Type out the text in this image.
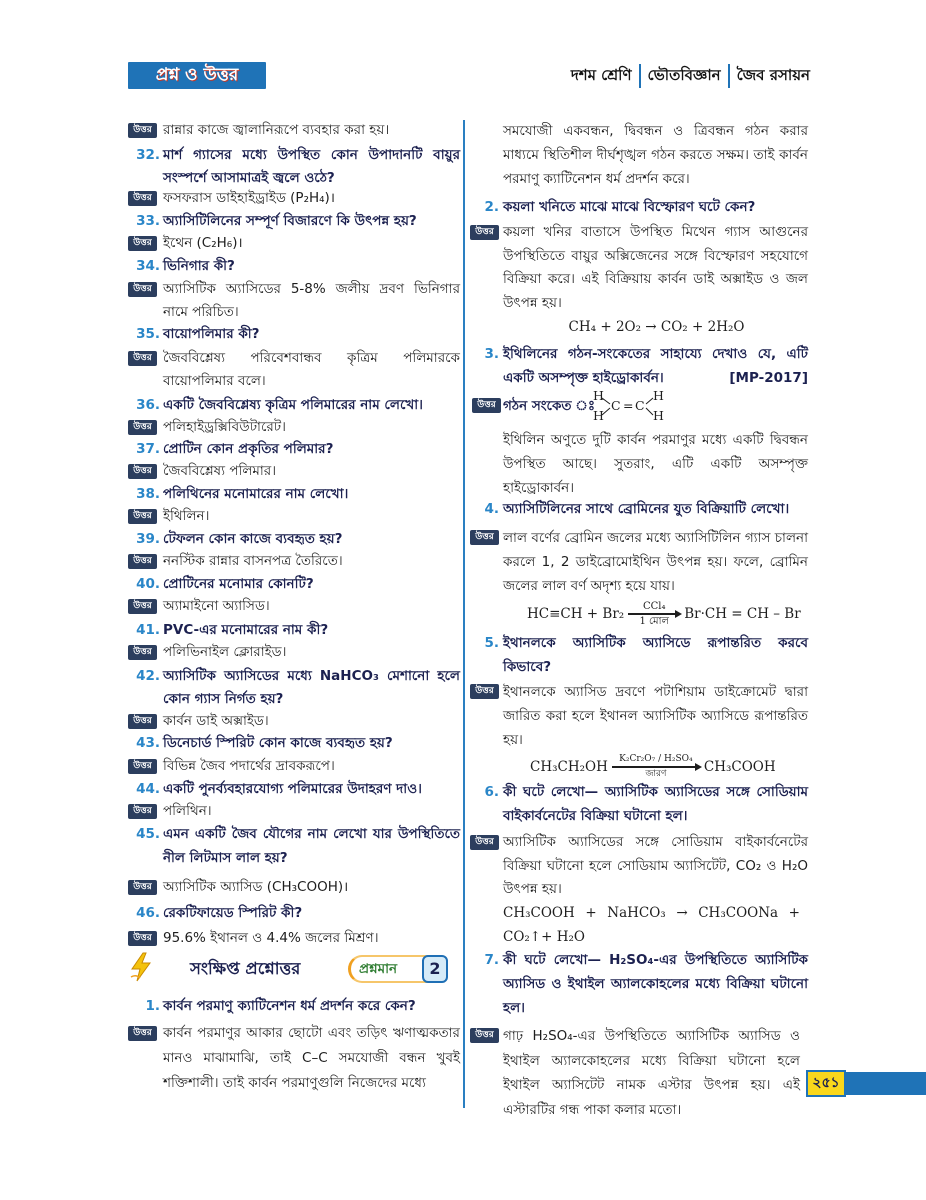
প্রশ্ন ও উত্তর	দশম শ্রেণি ভৌতবিজ্ঞান জৈব রসায়ন
উত্তর রান্নার কাজে জ্বালানিরূপে ব্যবহার করা হয়।
32. মার্শ গ্যাসের মধ্যে উপস্থিত কোন উপাদানটি বায়ুর সংস্পর্শে আসামাত্রই জ্বলে ওঠে?
উত্তর ফসফরাস ডাইহাইড্রাইড (P₂H₄)।
33. অ্যাসিটিলিনের সম্পূর্ণ বিজারণে কি উৎপন্ন হয়?
উত্তর ইথেন (C₂H₆)।
34. ভিনিগার কী?
উত্তর অ্যাসিটিক অ্যাসিডের 5-8% জলীয় দ্রবণ ভিনিগার নামে পরিচিত।
35. বায়োপলিমার কী?
উত্তর জৈববিশ্লেষ্য পরিবেশবান্ধব কৃত্রিম পলিমারকে বায়োপলিমার বলে।
36. একটি জৈববিশ্লেষ্য কৃত্রিম পলিমারের নাম লেখো।
উত্তর পলিহাইড্রক্সিবিউটারেট।
37. প্রোটিন কোন প্রকৃতির পলিমার?
উত্তর জৈববিশ্লেষ্য পলিমার।
38. পলিথিনের মনোমারের নাম লেখো।
উত্তর ইথিলিন।
39. টেফলন কোন কাজে ব্যবহৃত হয়?
উত্তর ননস্টিক রান্নার বাসনপত্র তৈরিতে।
40. প্রোটিনের মনোমার কোনটি?
উত্তর অ্যামাইনো অ্যাসিড।
41. PVC-এর মনোমারের নাম কী?
উত্তর পলিভিনাইল ক্লোরাইড।
42. অ্যাসিটিক অ্যাসিডের মধ্যে NaHCO₃ মেশানো হলে কোন গ্যাস নির্গত হয়?
উত্তর কার্বন ডাই অক্সাইড।
43. ডিনেচার্ড স্পিরিট কোন কাজে ব্যবহৃত হয়?
উত্তর বিভিন্ন জৈব পদার্থের দ্রাবকরূপে।
44. একটি পুনর্ব্যবহারযোগ্য পলিমারের উদাহরণ দাও।
উত্তর পলিথিন।
45. এমন একটি জৈব যৌগের নাম লেখো যার উপস্থিতিতে নীল লিটমাস লাল হয়?
উত্তর অ্যাসিটিক অ্যাসিড (CH₃COOH)।
46. রেকটিফায়েড স্পিরিট কী?
উত্তর 95.6% ইথানল ও 4.4% জলের মিশ্রণ।
সংক্ষিপ্ত প্রশ্নোত্তর	প্রশ্নমান	2
1. কার্বন পরমাণু ক্যাটিনেশন ধর্ম প্রদর্শন করে কেন?
উত্তর কার্বন পরমাণুর আকার ছোটো এবং তড়িৎ ঋণাত্মকতার মানও মাঝামাঝি, তাই C–C সমযোজী বন্ধন খুবই শক্তিশালী। তাই কার্বন পরমাণুগুলি নিজেদের মধ্যে
সমযোজী একবন্ধন, দ্বিবন্ধন ও ত্রিবন্ধন গঠন করার মাধ্যমে স্থিতিশীল দীর্ঘশৃঙ্খল গঠন করতে সক্ষম। তাই কার্বন পরমাণু ক্যাটিনেশন ধর্ম প্রদর্শন করে।
2. কয়লা খনিতে মাঝে মাঝে বিস্ফোরণ ঘটে কেন?
উত্তর কয়লা খনির বাতাসে উপস্থিত মিথেন গ্যাস আগুনের উপস্থিতিতে বায়ুর অক্সিজেনের সঙ্গে বিস্ফোরণ সহযোগে বিক্রিয়া করে। এই বিক্রিয়ায় কার্বন ডাই অক্সাইড ও জল উৎপন্ন হয়।
CH₄ + 2O₂ → CO₂ + 2H₂O
3. ইথিলিনের গঠন-সংকেতের সাহায্যে দেখাও যে, এটি একটি অসম্পৃক্ত হাইড্রোকার্বন।	[MP-2017]
উত্তর গঠন সংকেত ঃ
H
H
C = C
H
H
ইথিলিন অণুতে দুটি কার্বন পরমাণুর মধ্যে একটি দ্বিবন্ধন উপস্থিত আছে। সুতরাং, এটি একটি অসম্পৃক্ত হাইড্রোকার্বন।
4. অ্যাসিটিলিনের সাথে ব্রোমিনের যুত বিক্রিয়াটি লেখো।
উত্তর লাল বর্ণের ব্রোমিন জলের মধ্যে অ্যাসিটিলিন গ্যাস চালনা করলে 1, 2 ডাইব্রোমোইথিন উৎপন্ন হয়। ফলে, ব্রোমিন জলের লাল বর্ণ অদৃশ্য হয়ে যায়।
HC≡CH + Br₂ CCl₄
1 মোল Br·CH = CH – Br
5. ইথানলকে অ্যাসিটিক অ্যাসিডে রূপান্তরিত করবে কিভাবে?
উত্তর ইথানলকে অ্যাসিড দ্রবণে পটাশিয়াম ডাইক্রোমেট দ্বারা জারিত করা হলে ইথানল অ্যাসিটিক অ্যাসিডে রূপান্তরিত হয়।
CH₃CH₂OH K₂Cr₂O₇ / H₂SO₄
জারণ	CH₃COOH
6. কী ঘটে লেখো— অ্যাসিটিক অ্যাসিডের সঙ্গে সোডিয়াম বাইকার্বনেটের বিক্রিয়া ঘটানো হল।
উত্তর অ্যাসিটিক অ্যাসিডের সঙ্গে সোডিয়াম বাইকার্বনেটের বিক্রিয়া ঘটানো হলে সোডিয়াম অ্যাসিটেট, CO₂ ও H₂O উৎপন্ন হয়।
CH₃COOH + NaHCO₃ → CH₃COONa +
CO₂↑+ H₂O
7. কী ঘটে লেখো— H₂SO₄-এর উপস্থিতিতে অ্যাসিটিক অ্যাসিড ও ইথাইল অ্যালকোহলের মধ্যে বিক্রিয়া ঘটানো হল।
উত্তর গাঢ় H₂SO₄-এর উপস্থিতিতে অ্যাসিটিক অ্যাসিড ও ইথাইল অ্যালকোহলের মধ্যে বিক্রিয়া ঘটানো হলে ইথাইল অ্যাসিটেট নামক এস্টার উৎপন্ন হয়। এই এস্টারটির গন্ধ পাকা কলার মতো।
২৫১
